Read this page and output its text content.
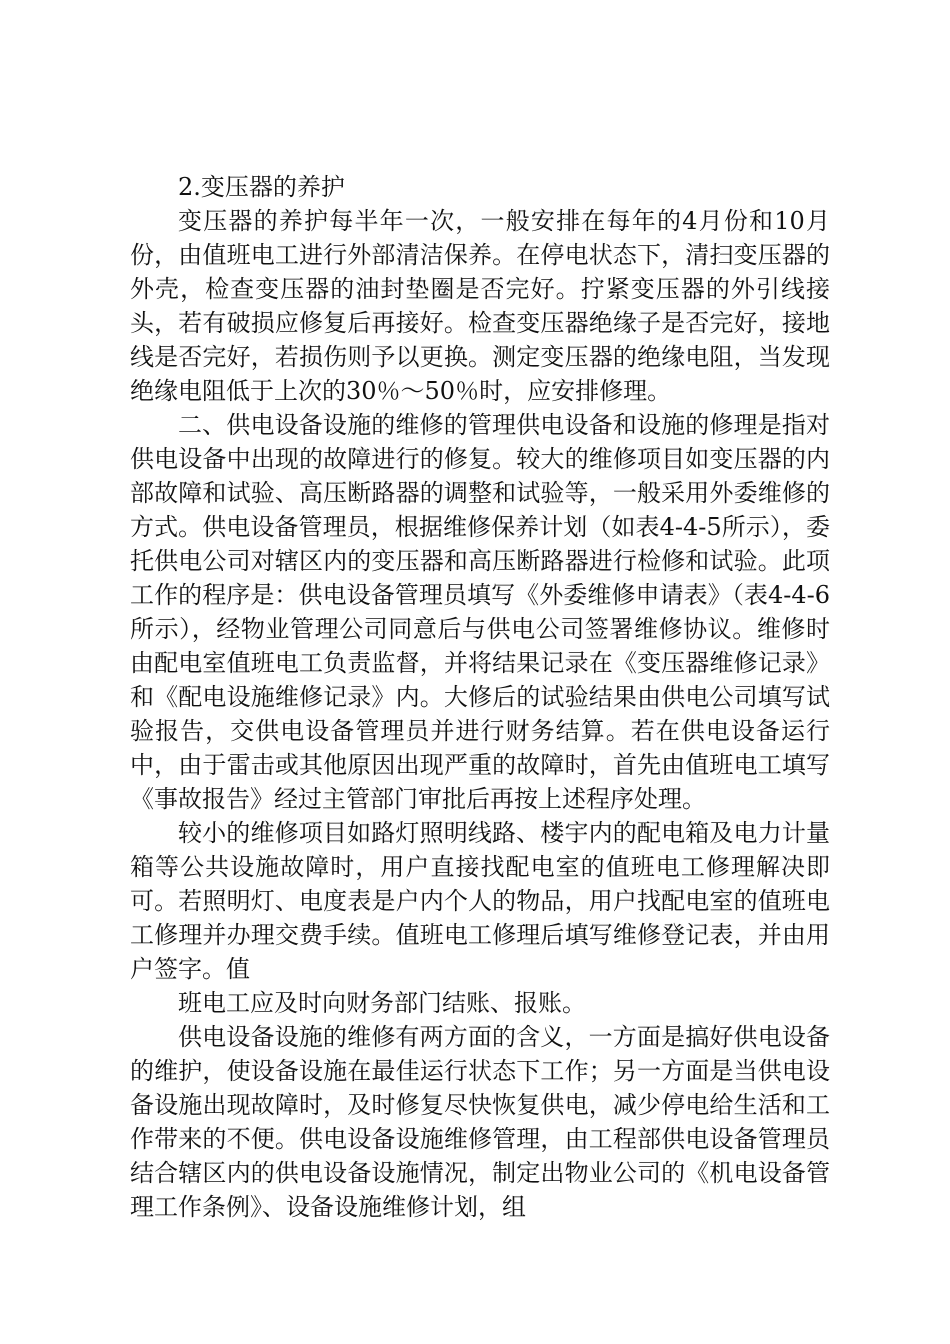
2.变压器的养护

变压器的养护每半年一次，一般安排在每年的4月份和10月份，由值班电工进行外部清洁保养。在停电状态下，清扫变压器的外壳，检查变压器的油封垫圈是否完好。拧紧变压器的外引线接头，若有破损应修复后再接好。检查变压器绝缘子是否完好，接地线是否完好，若损伤则予以更换。测定变压器的绝缘电阻，当发现绝缘电阻低于上次的30％～50％时，应安排修理。

二、供电设备设施的维修的管理供电设备和设施的修理是指对供电设备中出现的故障进行的修复。较大的维修项目如变压器的内部故障和试验、高压断路器的调整和试验等，一般采用外委维修的方式。供电设备管理员，根据维修保养计划（如表4-4-5所示），委托供电公司对辖区内的变压器和高压断路器进行检修和试验。此项工作的程序是：供电设备管理员填写《外委维修申请表》（表4-4-6所示），经物业管理公司同意后与供电公司签署维修协议。维修时由配电室值班电工负责监督，并将结果记录在《变压器维修记录》和《配电设施维修记录》内。大修后的试验结果由供电公司填写试验报告，交供电设备管理员并进行财务结算。若在供电设备运行中，由于雷击或其他原因出现严重的故障时，首先由值班电工填写《事故报告》经过主管部门审批后再按上述程序处理。

较小的维修项目如路灯照明线路、楼宇内的配电箱及电力计量箱等公共设施故障时，用户直接找配电室的值班电工修理解决即可。若照明灯、电度表是户内个人的物品，用户找配电室的值班电工修理并办理交费手续。值班电工修理后填写维修登记表，并由用户签字。值

班电工应及时向财务部门结账、报账。

供电设备设施的维修有两方面的含义，一方面是搞好供电设备的维护，使设备设施在最佳运行状态下工作；另一方面是当供电设备设施出现故障时，及时修复尽快恢复供电，减少停电给生活和工作带来的不便。供电设备设施维修管理，由工程部供电设备管理员结合辖区内的供电设备设施情况，制定出物业公司的《机电设备管理工作条例》、设备设施维修计划，组
